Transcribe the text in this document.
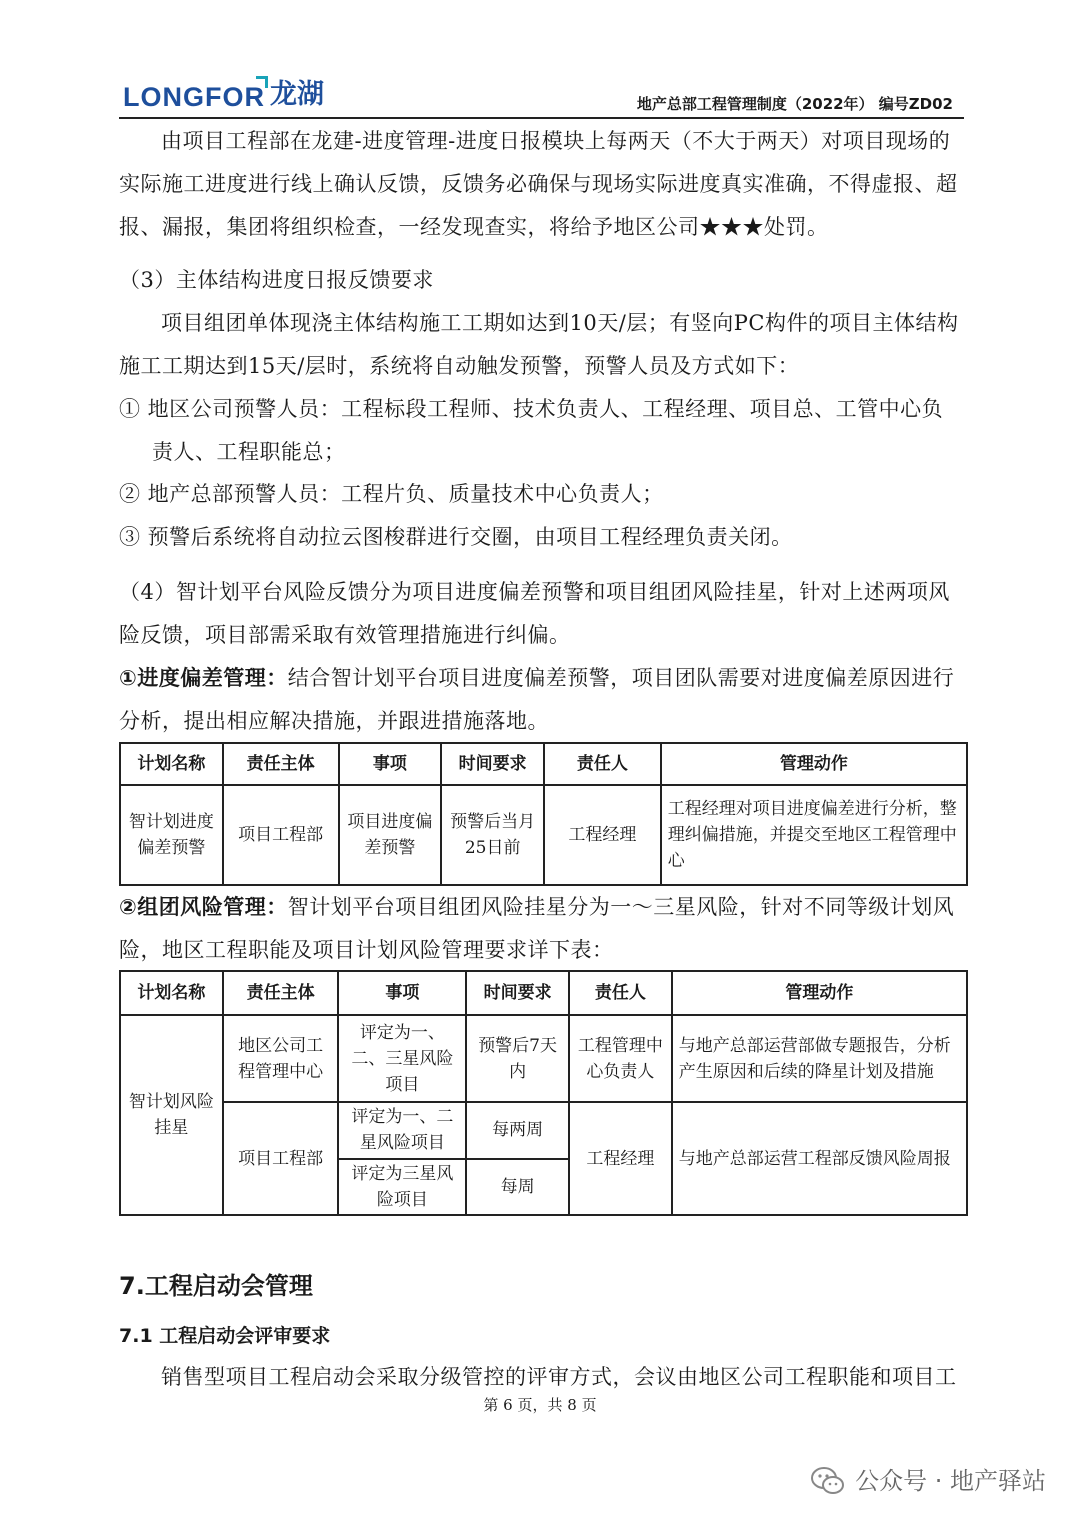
LONGFOR 龙湖	地产总部工程管理制度（2022年） 编号ZD02
由项目工程部在龙建-进度管理-进度日报模块上每两天（不大于两天）对项目现场的实际施工进度进行线上确认反馈，反馈务必确保与现场实际进度真实准确，不得虚报、超报、漏报，集团将组织检查，一经发现查实，将给予地区公司★★★处罚。
（3）主体结构进度日报反馈要求
项目组团单体现浇主体结构施工工期如达到10天/层；有竖向PC构件的项目主体结构施工工期达到15天/层时，系统将自动触发预警，预警人员及方式如下：
① 地区公司预警人员：工程标段工程师、技术负责人、工程经理、项目总、工管中心负责人、工程职能总；
② 地产总部预警人员：工程片负、质量技术中心负责人；
③ 预警后系统将自动拉云图梭群进行交圈，由项目工程经理负责关闭。
（4）智计划平台风险反馈分为项目进度偏差预警和项目组团风险挂星，针对上述两项风险反馈，项目部需采取有效管理措施进行纠偏。
①进度偏差管理：结合智计划平台项目进度偏差预警，项目团队需要对进度偏差原因进行分析，提出相应解决措施，并跟进措施落地。
计划名称	责任主体	事项	时间要求	责任人	管理动作
智计划进度偏差预警	项目工程部	项目进度偏差预警	预警后当月25日前	工程经理	工程经理对项目进度偏差进行分析，整理纠偏措施，并提交至地区工程管理中心
②组团风险管理：智计划平台项目组团风险挂星分为一～三星风险，针对不同等级计划风险，地区工程职能及项目计划风险管理要求详下表：
计划名称	责任主体	事项	时间要求	责任人	管理动作
智计划风险挂星	地区公司工程管理中心	评定为一、二、三星风险项目	预警后7天内	工程管理中心负责人	与地产总部运营部做专题报告，分析产生原因和后续的降星计划及措施
	项目工程部	评定为一、二星风险项目	每两周	工程经理	与地产总部运营工程部反馈风险周报
		评定为三星风险项目	每周		
7.工程启动会管理
7.1 工程启动会评审要求
销售型项目工程启动会采取分级管控的评审方式，会议由地区公司工程职能和项目工
第 6 页，共 8 页
公众号 · 地产驿站
